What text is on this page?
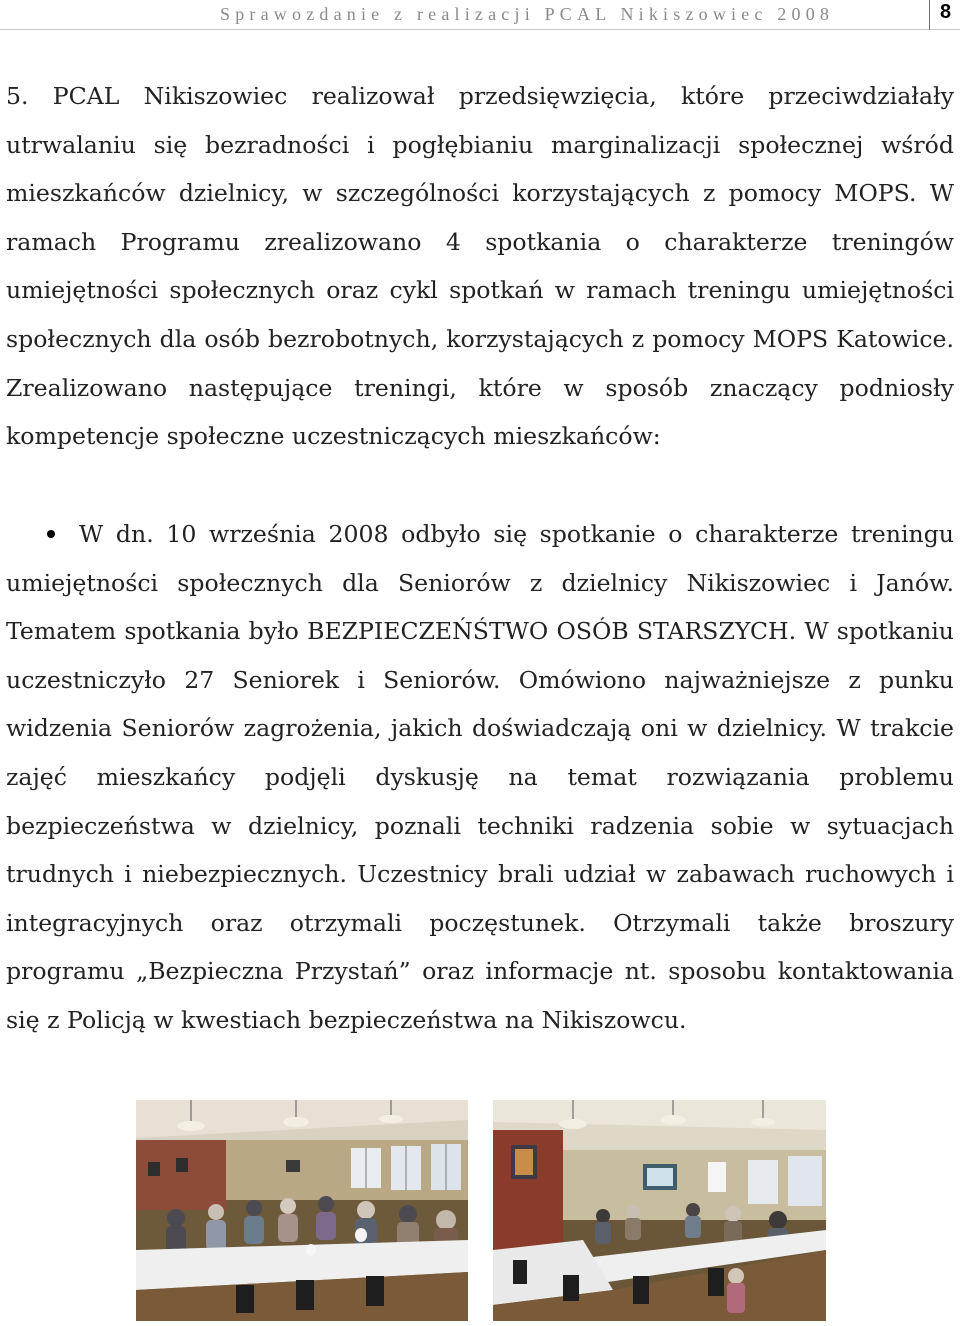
Sprawozdanie z realizacji PCAL Nikiszowiec 2008	8

5. PCAL Nikiszowiec realizował przedsięwzięcia, które przeciwdziałały utrwalaniu się bezradności i pogłębianiu marginalizacji społecznej wśród mieszkańców dzielnicy, w szczególności korzystających z pomocy MOPS. W ramach Programu zrealizowano 4 spotkania o charakterze treningów umiejętności społecznych oraz cykl spotkań w ramach treningu umiejętności społecznych dla osób bezrobotnych, korzystających z pomocy MOPS Katowice. Zrealizowano następujące treningi, które w sposób znaczący podniosły kompetencje społeczne uczestniczących mieszkańców:

W dn. 10 września 2008 odbyło się spotkanie o charakterze treningu umiejętności społecznych dla Seniorów z dzielnicy Nikiszowiec i Janów. Tematem spotkania było BEZPIECZEŃŚTWO OSÓB STARSZYCH. W spotkaniu uczestniczyło 27 Seniorek i Seniorów. Omówiono najważniejsze z punku widzenia Seniorów zagrożenia, jakich doświadczają oni w dzielnicy. W trakcie zajęć mieszkańcy podjęli dyskusję na temat rozwiązania problemu bezpieczeństwa w dzielnicy, poznali techniki radzenia sobie w sytuacjach trudnych i niebezpiecznych. Uczestnicy brali udział w zabawach ruchowych i integracyjnych oraz otrzymali poczęstunek. Otrzymali także broszury programu „Bezpieczna Przystań” oraz informacje nt. sposobu kontaktowania się z Policją w kwestiach bezpieczeństwa na Nikiszowcu.
